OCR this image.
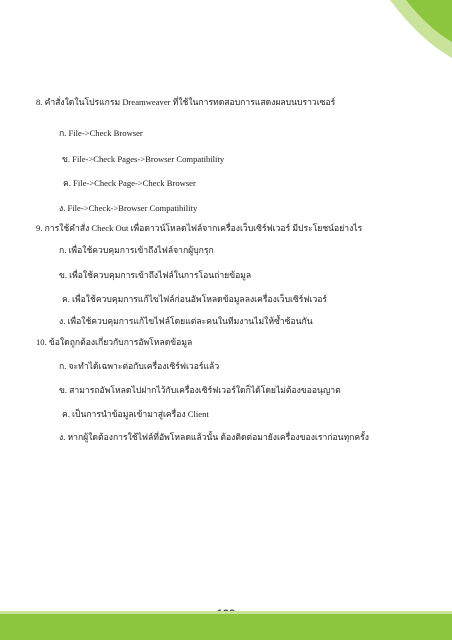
8. คำสั่งใดในโปรแกรม Dreamweaver ที่ใช้ในการทดสอบการแสดงผลบนบราวเซอร์
ก. File->Check Browser
ข. File->Check Pages->Browser Compatibility
ค. File->Check Page->Check Browser
ง. File->Check->Browser Compatibility
9. การใช้คำสั่ง Check Out เพื่อดาวน์โหลดไฟล์จากเครื่องเว็บเซิร์ฟเวอร์ มีประโยชน์อย่างไร
ก. เพื่อใช้ควบคุมการเข้าถึงไฟล์จากผู้บุกรุก
ข. เพื่อใช้ควบคุมการเข้าถึงไฟล์ในการโอนถ่ายข้อมูล
ค. เพื่อใช้ควบคุมการแก้ไขไฟล์ก่อนอัพโหลดข้อมูลลงเครื่องเว็บเซิร์ฟเวอร์
ง. เพื่อใช้ควบคุมการแก้ไขไฟล์โดยแต่ละคนในทีมงานไม่ให้ซ้ำซ้อนกัน
10. ข้อใดถูกต้องเกี่ยวกับการอัพโหลดข้อมูล
ก. จะทำได้เฉพาะต่อกับเครื่องเซิร์ฟเวอร์แล้ว
ข. สามารถอัพโหลดไปฝากไว้กับเครื่องเซิร์ฟเวอร์ใดก็ได้โดยไม่ต้องขออนุญาต
ค. เป็นการนำข้อมูลเข้ามาสู่เครื่อง Client
ง. หากผู้ใดต้องการใช้ไฟล์ที่อัพโหลดแล้วนั้น ต้องติดต่อมายังเครื่องของเราก่อนทุกครั้ง
